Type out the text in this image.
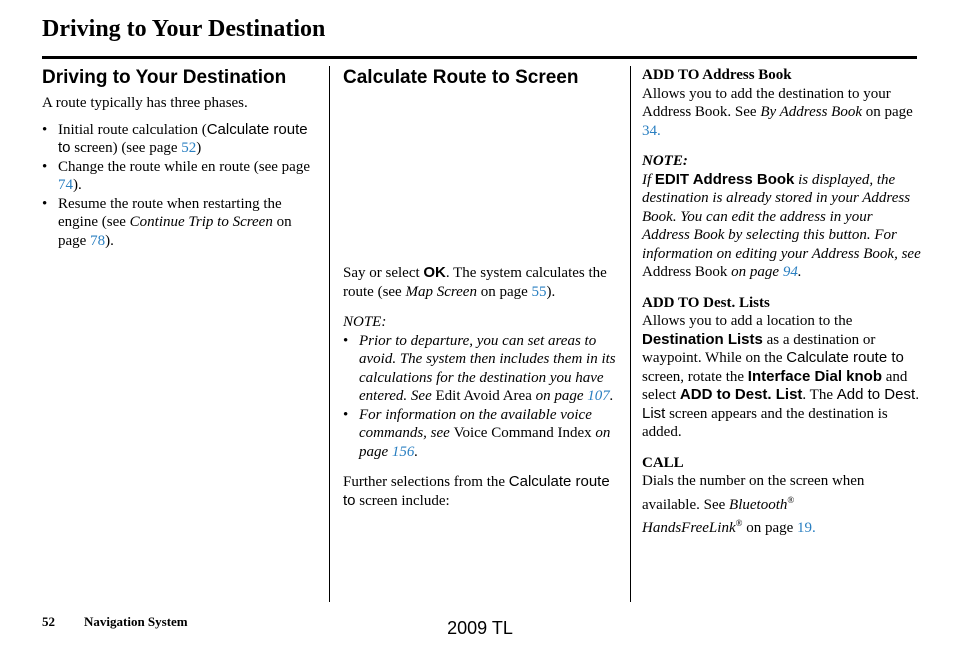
Driving to Your Destination
Driving to Your Destination

A route typically has three phases.

• Initial route calculation (Calculate route to screen) (see page 52)
• Change the route while en route (see page 74).
• Resume the route when restarting the engine (see Continue Trip to Screen on page 78).
Calculate Route to Screen

Say or select OK. The system calculates the route (see Map Screen on page 55).

NOTE:

• Prior to departure, you can set areas to avoid. The system then includes them in its calculations for the destination you have entered. See Edit Avoid Area on page 107.
• For information on the available voice commands, see Voice Command Index on page 156.

Further selections from the Calculate route to screen include:

ADD TO Address Book

Allows you to add the destination to your Address Book. See By Address Book on page 34.

NOTE:

If EDIT Address Book is displayed, the destination is already stored in your Address Book. You can edit the address in your Address Book by selecting this button. For information on editing your Address Book, see Address Book on page 94.

ADD TO Dest. Lists

Allows you to add a location to the Destination Lists as a destination or waypoint. While on the Calculate route to screen, rotate the Interface Dial knob and select ADD to Dest. List. The Add to Dest. List screen appears and the destination is added.

CALL

Dials the number on the screen when available. See Bluetooth®
HandsFreeLink® on page 19.

52 Navigation System	2009 TL
